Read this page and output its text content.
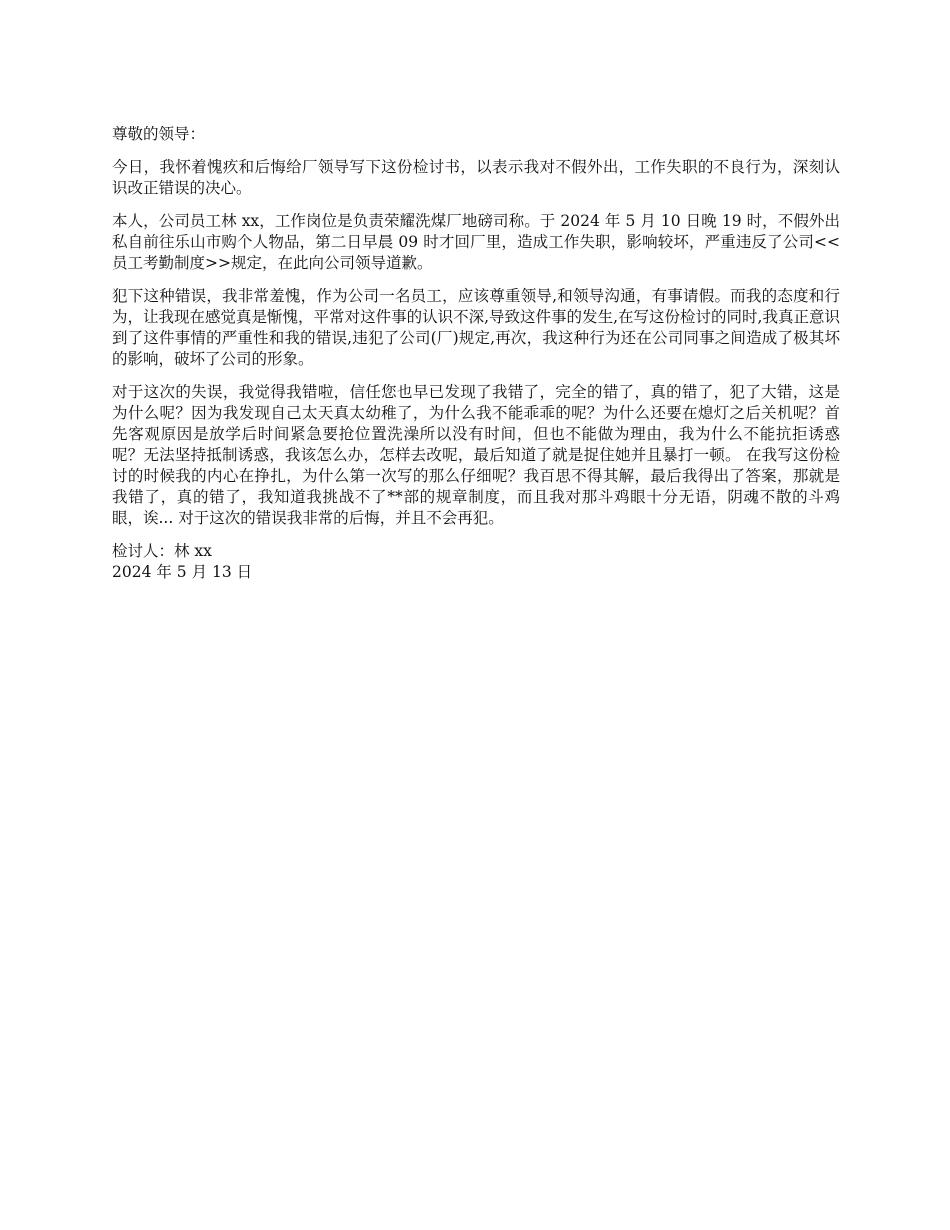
尊敬的领导：

今日，我怀着愧疚和后悔给厂领导写下这份检讨书，以表示我对不假外出，工作失职的不良行为，深刻认识改正错误的决心。

本人，公司员工林 xx，工作岗位是负责荣耀洗煤厂地磅司称。于 2024 年 5 月 10 日晚 19 时，不假外出私自前往乐山市购个人物品，第二日早晨 09 时才回厂里，造成工作失职，影响较坏，严重违反了公司<<员工考勤制度>>规定，在此向公司领导道歉。

犯下这种错误，我非常羞愧，作为公司一名员工，应该尊重领导,和领导沟通，有事请假。而我的态度和行为，让我现在感觉真是惭愧，平常对这件事的认识不深,导致这件事的发生,在写这份检讨的同时,我真正意识到了这件事情的严重性和我的错误,违犯了公司(厂)规定,再次，我这种行为还在公司同事之间造成了极其坏的影响，破坏了公司的形象。

对于这次的失误，我觉得我错啦，信任您也早已发现了我错了，完全的错了，真的错了，犯了大错，这是为什么呢？因为我发现自己太天真太幼稚了，为什么我不能乖乖的呢？为什么还要在熄灯之后关机呢？首先客观原因是放学后时间紧急要抢位置洗澡所以没有时间，但也不能做为理由，我为什么不能抗拒诱惑呢？无法坚持抵制诱惑，我该怎么办，怎样去改呢，最后知道了就是捉住她并且暴打一顿。 在我写这份检讨的时候我的内心在挣扎，为什么第一次写的那么仔细呢？我百思不得其解，最后我得出了答案，那就是我错了，真的错了，我知道我挑战不了**部的规章制度，而且我对那斗鸡眼十分无语，阴魂不散的斗鸡眼，诶... 对于这次的错误我非常的后悔，并且不会再犯。

检讨人：林 xx
2024 年 5 月 13 日
